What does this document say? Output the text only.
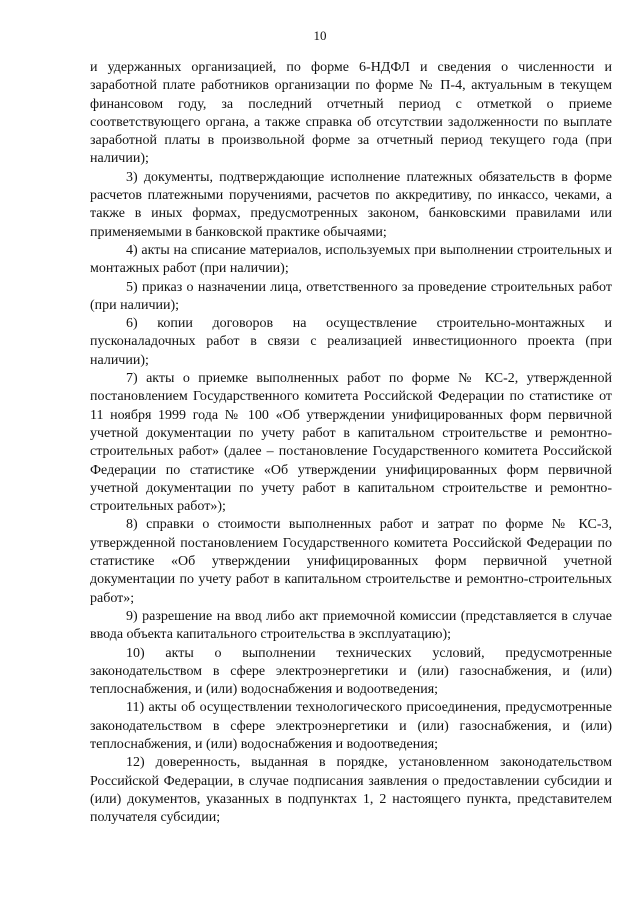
10

и удержанных организацией, по форме 6-НДФЛ и сведения о численности и заработной плате работников организации по форме № П-4, актуальным в текущем финансовом году, за последний отчетный период с отметкой о приеме соответствующего органа, а также справка об отсутствии задолженности по выплате заработной платы в произвольной форме за отчетный период текущего года (при наличии);

3) документы, подтверждающие исполнение платежных обязательств в форме расчетов платежными поручениями, расчетов по аккредитиву, по инкассо, чеками, а также в иных формах, предусмотренных законом, банковскими правилами или применяемыми в банковской практике обычаями;

4) акты на списание материалов, используемых при выполнении строительных и монтажных работ (при наличии);

5) приказ о назначении лица, ответственного за проведение строительных работ (при наличии);

6) копии договоров на осуществление строительно-монтажных и пусконаладочных работ в связи с реализацией инвестиционного проекта (при наличии);

7) акты о приемке выполненных работ по форме № КС-2, утвержденной постановлением Государственного комитета Российской Федерации по статистике от 11 ноября 1999 года № 100 «Об утверждении унифицированных форм первичной учетной документации по учету работ в капитальном строительстве и ремонтно-строительных работ» (далее – постановление Государственного комитета Российской Федерации по статистике «Об утверждении унифицированных форм первичной учетной документации по учету работ в капитальном строительстве и ремонтно-строительных работ»);

8) справки о стоимости выполненных работ и затрат по форме № КС-3, утвержденной постановлением Государственного комитета Российской Федерации по статистике «Об утверждении унифицированных форм первичной учетной документации по учету работ в капитальном строительстве и ремонтно-строительных работ»;

9) разрешение на ввод либо акт приемочной комиссии (представляется в случае ввода объекта капитального строительства в эксплуатацию);

10) акты о выполнении технических условий, предусмотренные законодательством в сфере электроэнергетики и (или) газоснабжения, и (или) теплоснабжения, и (или) водоснабжения и водоотведения;

11) акты об осуществлении технологического присоединения, предусмотренные законодательством в сфере электроэнергетики и (или) газоснабжения, и (или) теплоснабжения, и (или) водоснабжения и водоотведения;

12) доверенность, выданная в порядке, установленном законодательством Российской Федерации, в случае подписания заявления о предоставлении субсидии и (или) документов, указанных в подпунктах 1, 2 настоящего пункта, представителем получателя субсидии;
